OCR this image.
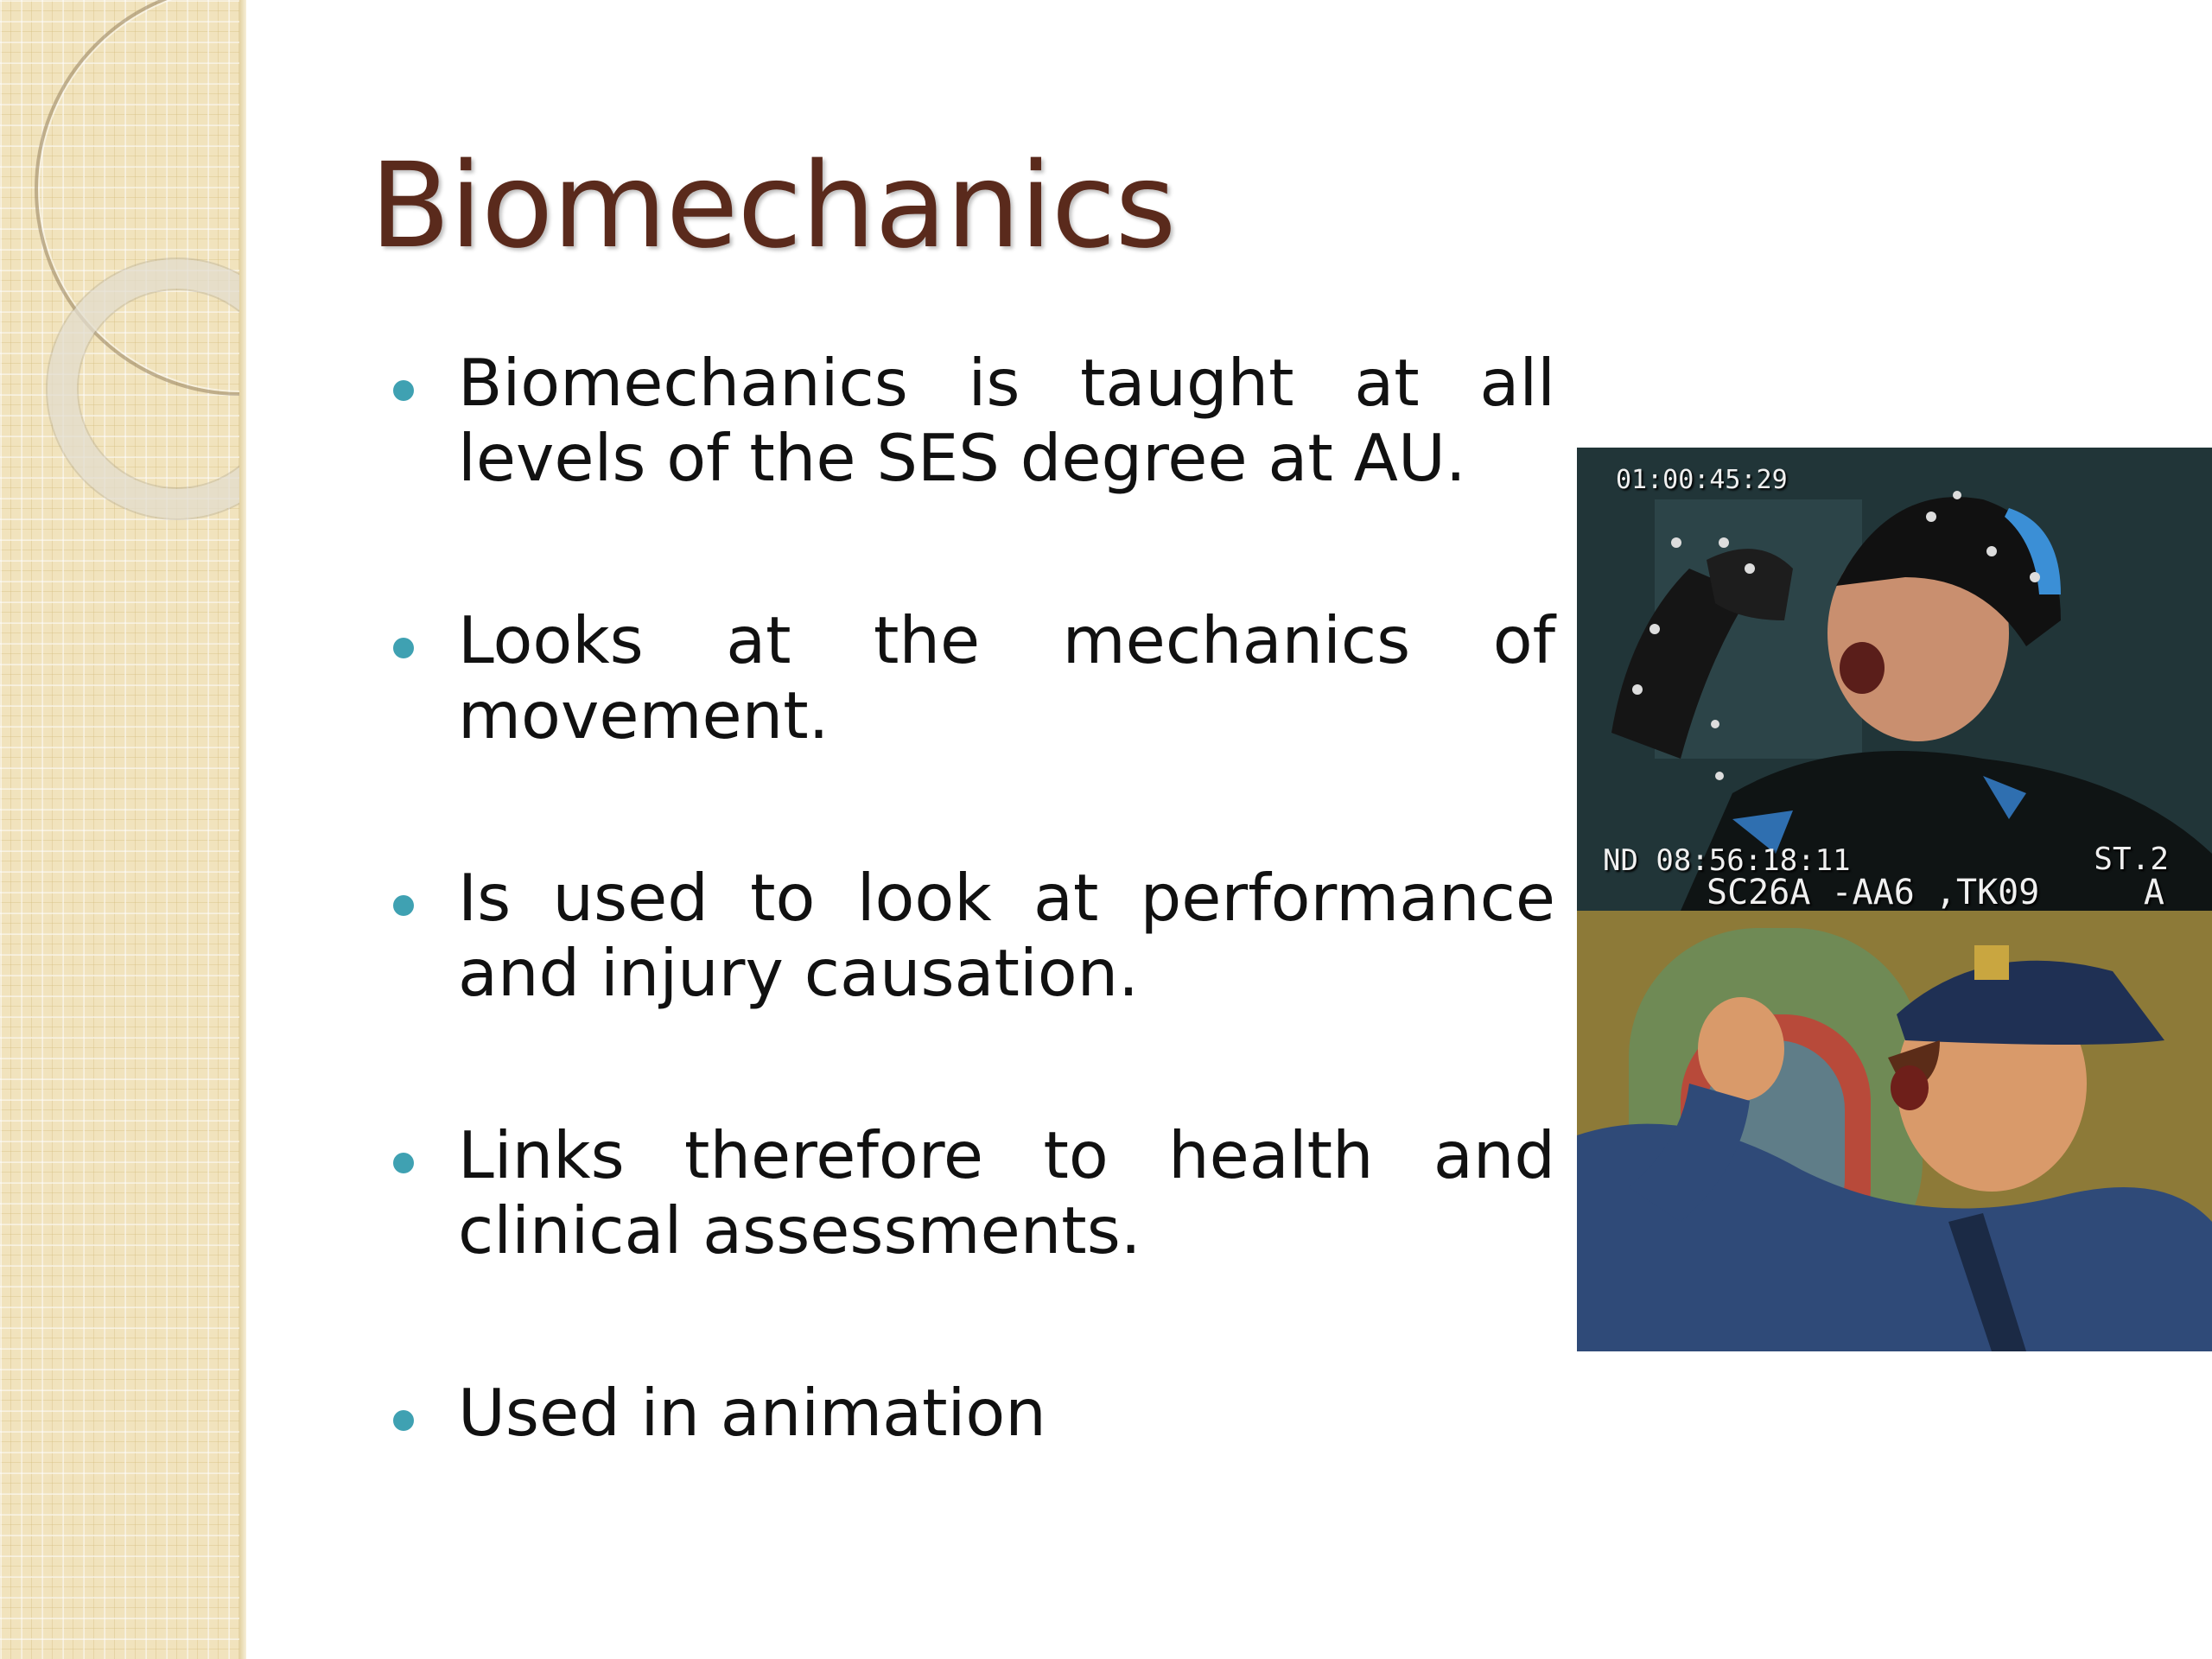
Biomechanics
Biomechanics is taught at all levels of the SES degree at AU.
Looks at the mechanics of movement.
Is used to look at performance and injury causation.
Links therefore to health and clinical assessments.
Used in animation
01:00:45:29
ND 08:56:18:11	ST.2
SC26A -AA6 ,TK09	A
